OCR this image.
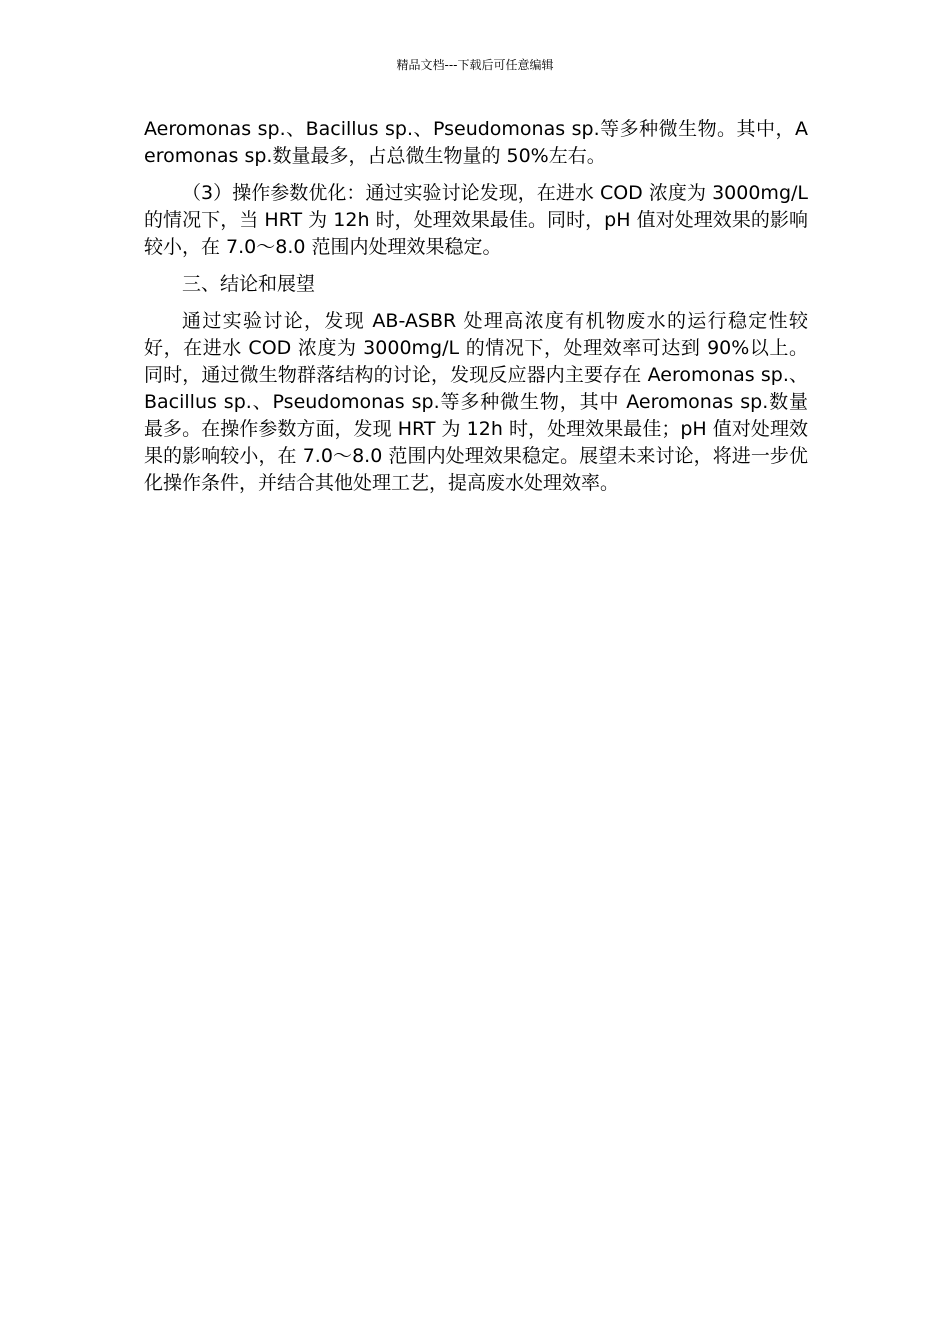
精品文档---下载后可任意编辑

Aeromonas sp.、Bacillus sp.、Pseudomonas sp.等多种微生物。其中，Aeromonas sp.数量最多，占总微生物量的 50%左右。

（3）操作参数优化：通过实验讨论发现，在进水 COD 浓度为 3000mg/L 的情况下，当 HRT 为 12h 时，处理效果最佳。同时，pH 值对处理效果的影响较小，在 7.0～8.0 范围内处理效果稳定。

三、结论和展望

通过实验讨论，发现 AB-ASBR 处理高浓度有机物废水的运行稳定性较好，在进水 COD 浓度为 3000mg/L 的情况下，处理效率可达到 90%以上。同时，通过微生物群落结构的讨论，发现反应器内主要存在 Aeromonas sp.、Bacillus sp.、Pseudomonas sp.等多种微生物，其中 Aeromonas sp.数量最多。在操作参数方面，发现 HRT 为 12h 时，处理效果最佳；pH 值对处理效果的影响较小，在 7.0～8.0 范围内处理效果稳定。展望未来讨论，将进一步优化操作条件，并结合其他处理工艺，提高废水处理效率。
